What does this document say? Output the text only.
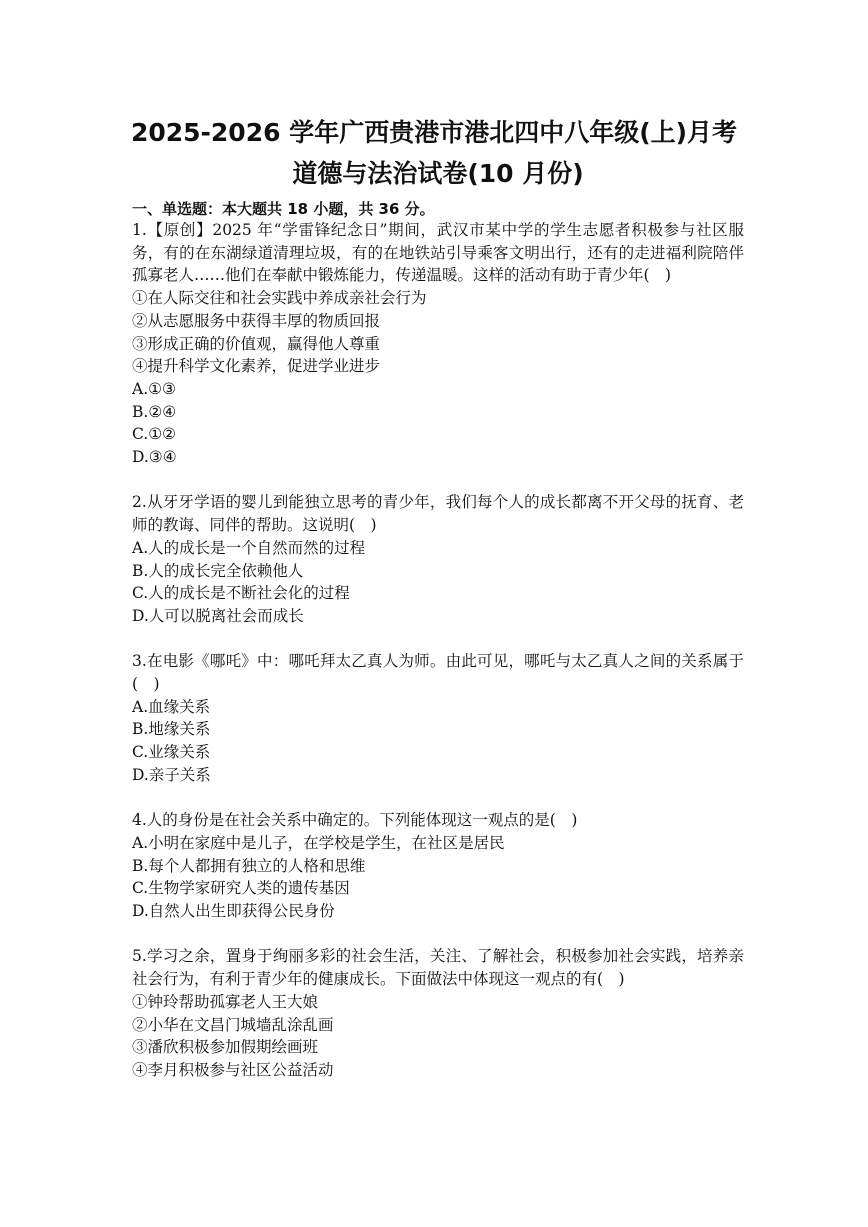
2025-2026 学年广西贵港市港北四中八年级(上)月考
道德与法治试卷(10 月份)
一、单选题：本大题共 18 小题，共 36 分。
1.【原创】2025 年“学雷锋纪念日”期间，武汉市某中学的学生志愿者积极参与社区服务，有的在东湖绿道清理垃圾，有的在地铁站引导乘客文明出行，还有的走进福利院陪伴孤寡老人……他们在奉献中锻炼能力，传递温暖。这样的活动有助于青少年(　)
①在人际交往和社会实践中养成亲社会行为
②从志愿服务中获得丰厚的物质回报
③形成正确的价值观，赢得他人尊重
④提升科学文化素养，促进学业进步
A.①③
B.②④
C.①②
D.③④
2.从牙牙学语的婴儿到能独立思考的青少年，我们每个人的成长都离不开父母的抚育、老师的教诲、同伴的帮助。这说明(　)
A.人的成长是一个自然而然的过程
B.人的成长完全依赖他人
C.人的成长是不断社会化的过程
D.人可以脱离社会而成长
3.在电影《哪吒》中：哪吒拜太乙真人为师。由此可见，哪吒与太乙真人之间的关系属于(　)
A.血缘关系
B.地缘关系
C.业缘关系
D.亲子关系
4.人的身份是在社会关系中确定的。下列能体现这一观点的是(　)
A.小明在家庭中是儿子，在学校是学生，在社区是居民
B.每个人都拥有独立的人格和思维
C.生物学家研究人类的遗传基因
D.自然人出生即获得公民身份
5.学习之余，置身于绚丽多彩的社会生活，关注、了解社会，积极参加社会实践，培养亲社会行为，有利于青少年的健康成长。下面做法中体现这一观点的有(　)
①钟玲帮助孤寡老人王大娘
②小华在文昌门城墙乱涂乱画
③潘欣积极参加假期绘画班
④李月积极参与社区公益活动
